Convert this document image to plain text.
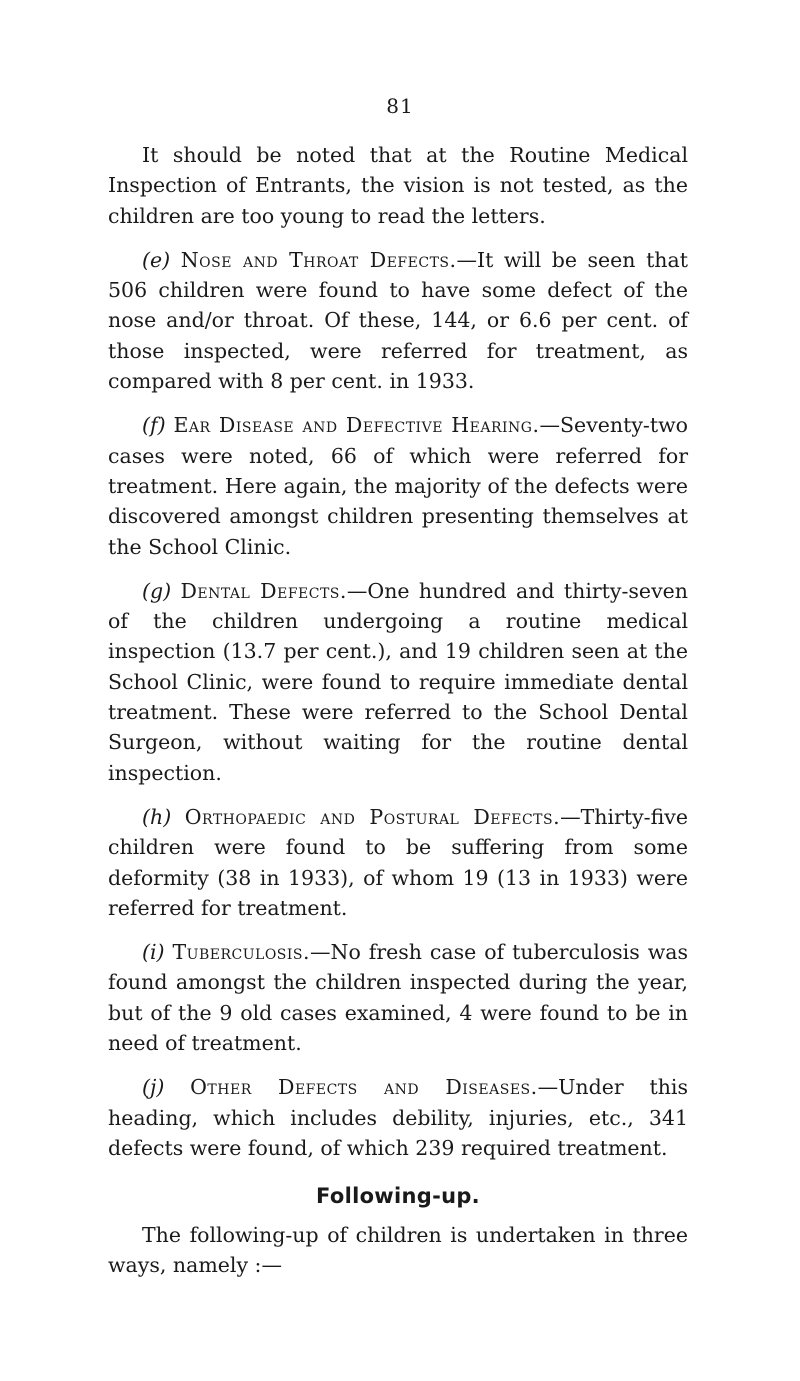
81

It should be noted that at the Routine Medical Inspection of Entrants, the vision is not tested, as the children are too young to read the letters.

(e) Nose and Throat Defects.—It will be seen that 506 children were found to have some defect of the nose and/or throat. Of these, 144, or 6.6 per cent. of those inspected, were referred for treatment, as compared with 8 per cent. in 1933.

(f) Ear Disease and Defective Hearing.—Seventy-two cases were noted, 66 of which were referred for treatment. Here again, the majority of the defects were discovered amongst children presenting themselves at the School Clinic.

(g) Dental Defects.—One hundred and thirty-seven of the children undergoing a routine medical inspection (13.7 per cent.), and 19 children seen at the School Clinic, were found to require immediate dental treatment. These were referred to the School Dental Surgeon, without waiting for the routine dental inspection.

(h) Orthopaedic and Postural Defects.—Thirty-five children were found to be suffering from some deformity (38 in 1933), of whom 19 (13 in 1933) were referred for treatment.

(i) Tuberculosis.—No fresh case of tuberculosis was found amongst the children inspected during the year, but of the 9 old cases examined, 4 were found to be in need of treatment.

(j) Other Defects and Diseases.—Under this heading, which includes debility, injuries, etc., 341 defects were found, of which 239 required treatment.

Following-up.

The following-up of children is undertaken in three ways, namely :—
